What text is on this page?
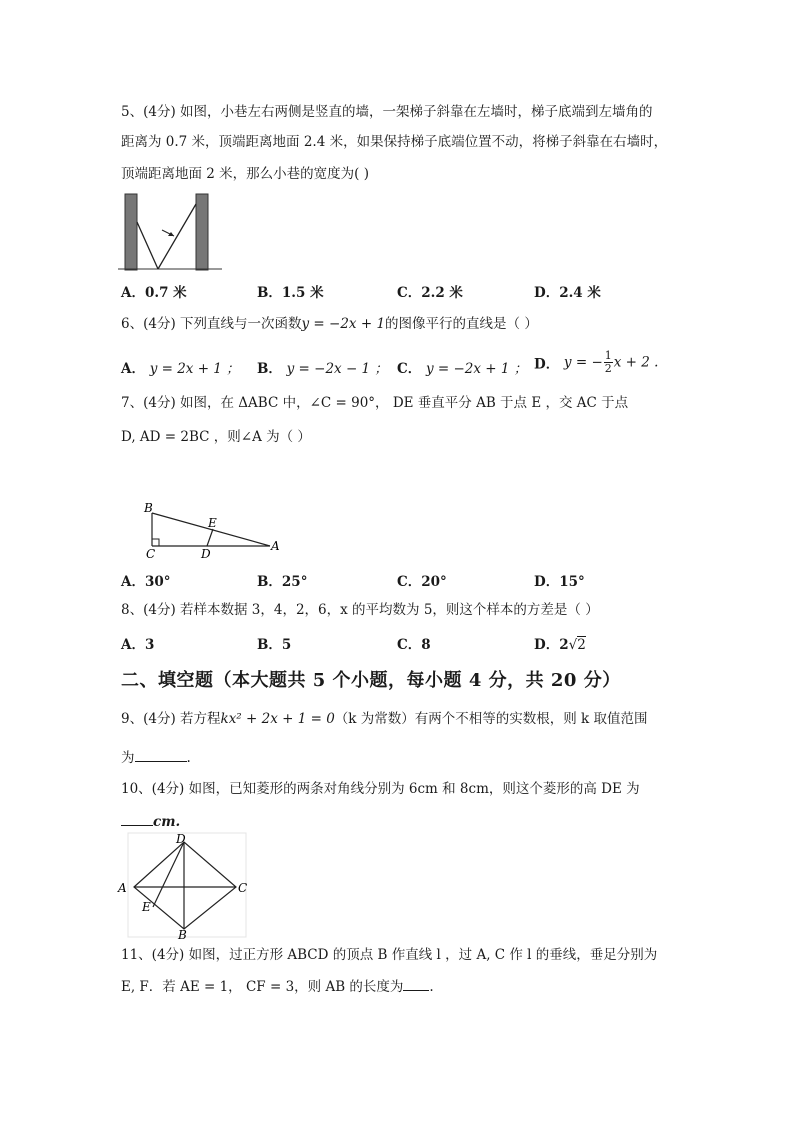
5、(4分) 如图，小巷左右两侧是竖直的墙，一架梯子斜靠在左墙时，梯子底端到左墙角的
距离为 0.7 米，顶端距离地面 2.4 米，如果保持梯子底端位置不动，将梯子斜靠在右墙时，
顶端距离地面 2 米，那么小巷的宽度为( )
A．0.7 米	B．1.5 米	C．2.2 米	D．2.4 米
6、(4分) 下列直线与一次函数y = −2x + 1的图像平行的直线是（ ）
A． y = 2x + 1 ； B． y = −2x − 1 ； C． y = −2x + 1 ； D． y = − $\frac{1}{2}$ x + 2 .
7、(4分) 如图，在 ΔABC 中，∠C = 90°， DE 垂直平分 AB 于点 E ，交 AC 于点
D, AD = 2BC ，则∠A 为（ ）
B
C	D
E
A
A．30°	B．25°	C．20°	D．15°
8、(4分) 若样本数据 3，4，2，6，x 的平均数为 5，则这个样本的方差是（ ）
A．3	B．5	C．8	D．2√2
二、填空题（本大题共 5 个小题，每小题 4 分，共 20 分）
9、(4分) 若方程kx² + 2x + 1 = 0（k 为常数）有两个不相等的实数根，则 k 取值范围
为	.
10、(4分) 如图，已知菱形的两条对角线分别为 6cm 和 8cm，则这个菱形的高 DE 为
cm.
D
A	C
E
B
11、(4分) 如图，过正方形 ABCD 的顶点 B 作直线 l ，过 A, C 作 l 的垂线，垂足分别为
E, F．若 AE = 1， CF = 3，则 AB 的长度为 .
